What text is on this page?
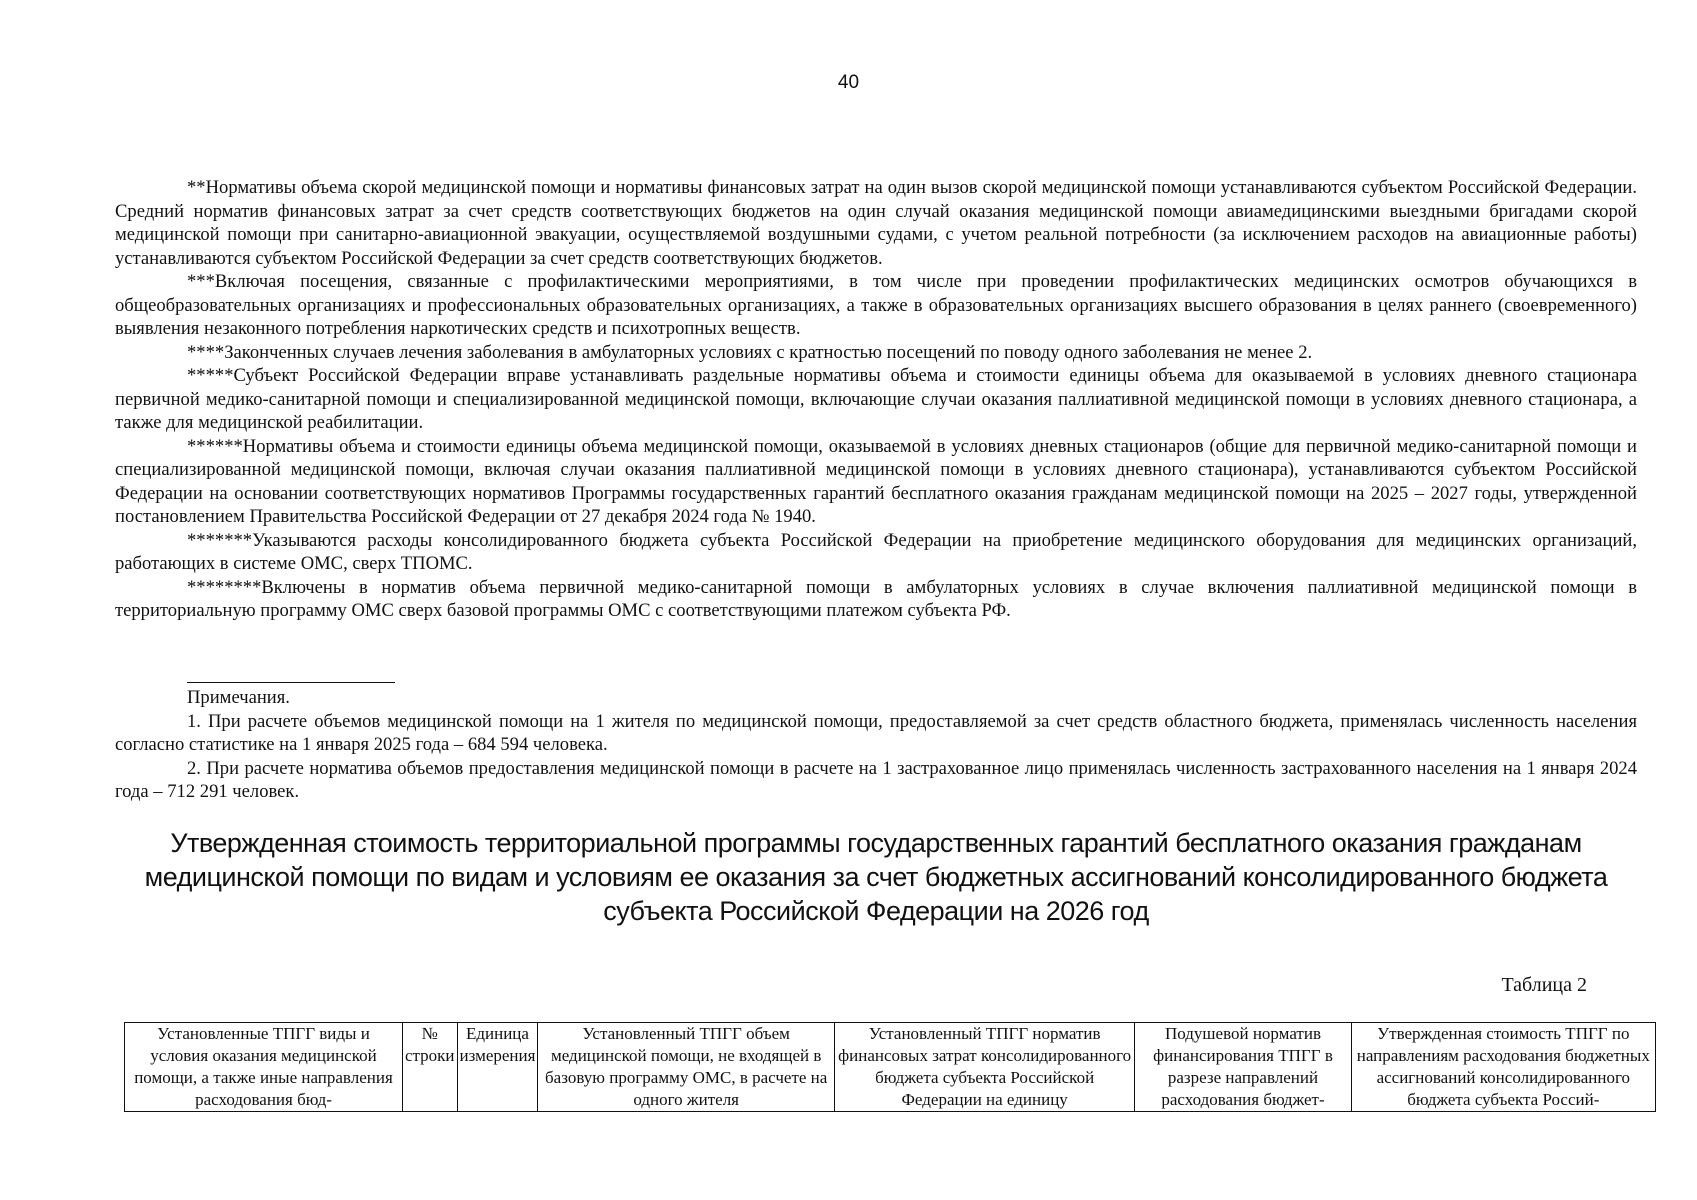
40

**Нормативы объема скорой медицинской помощи и нормативы финансовых затрат на один вызов скорой медицинской помощи устанавливаются субъектом Российской Федерации. Средний норматив финансовых затрат за счет средств соответствующих бюджетов на один случай оказания медицинской помощи авиамедицинскими выездными бригадами скорой медицинской помощи при санитарно-авиационной эвакуации, осуществляемой воздушными судами, с учетом реальной потребности (за исключением расходов на авиационные работы) устанавливаются субъектом Российской Федерации за счет средств соответствующих бюджетов.

***Включая посещения, связанные с профилактическими мероприятиями, в том числе при проведении профилактических медицинских осмотров обучающихся в общеобразовательных организациях и профессиональных образовательных организациях, а также в образовательных организациях высшего образования в целях раннего (своевременного) выявления незаконного потребления наркотических средств и психотропных веществ.

****Законченных случаев лечения заболевания в амбулаторных условиях с кратностью посещений по поводу одного заболевания не менее 2.

*****Субъект Российской Федерации вправе устанавливать раздельные нормативы объема и стоимости единицы объема для оказываемой в условиях дневного стационара первичной медико-санитарной помощи и специализированной медицинской помощи, включающие случаи оказания паллиативной медицинской помощи в условиях дневного стационара, а также для медицинской реабилитации.

******Нормативы объема и стоимости единицы объема медицинской помощи, оказываемой в условиях дневных стационаров (общие для первичной медико-санитарной помощи и специализированной медицинской помощи, включая случаи оказания паллиативной медицинской помощи в условиях дневного стационара), устанавливаются субъектом Российской Федерации на основании соответствующих нормативов Программы государственных гарантий бесплатного оказания гражданам медицинской помощи на 2025 – 2027 годы, утвержденной постановлением Правительства Российской Федерации от 27 декабря 2024 года № 1940.

*******Указываются расходы консолидированного бюджета субъекта Российской Федерации на приобретение медицинского оборудования для медицинских организаций, работающих в системе ОМС, сверх ТПОМС.

********Включены в норматив объема первичной медико-санитарной помощи в амбулаторных условиях в случае включения паллиативной медицинской помощи в территориальную программу ОМС сверх базовой программы ОМС с соответствующими платежом субъекта РФ.

Примечания.

1. При расчете объемов медицинской помощи на 1 жителя по медицинской помощи, предоставляемой за счет средств областного бюджета, применялась численность населения согласно статистике на 1 января 2025 года – 684 594 человека.

2. При расчете норматива объемов предоставления медицинской помощи в расчете на 1 застрахованное лицо применялась численность застрахованного населения на 1 января 2024 года – 712 291 человек.

Утвержденная стоимость территориальной программы государственных гарантий бесплатного оказания гражданам медицинской помощи по видам и условиям ее оказания за счет бюджетных ассигнований консолидированного бюджета субъекта Российской Федерации на 2026 год
Таблица 2
Установленные ТПГГ виды и условия оказания медицинской помощи, а также иные направления расходования бюд-

№ строки

Единица измерения

Установленный ТПГГ объем медицинской помощи, не входящей в базовую программу ОМС, в расчете на одного жителя

Установленный ТПГГ норматив финансовых затрат консолидированного бюджета субъекта Российской Федерации на единицу

Подушевой норматив финансирования ТПГГ в разрезе направлений расходования бюджет-

Утвержденная стоимость ТПГГ по направлениям расходования бюджетных ассигнований консолидированного бюджета субъекта Россий-
